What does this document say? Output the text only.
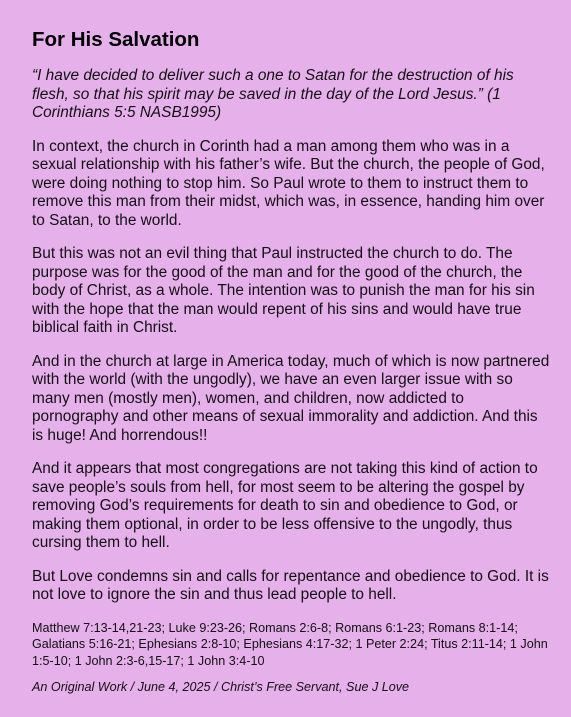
For His Salvation

“I have decided to deliver such a one to Satan for the destruction of his flesh, so that his spirit may be saved in the day of the Lord Jesus.” (1 Corinthians 5:5 NASB1995)

In context, the church in Corinth had a man among them who was in a sexual relationship with his father’s wife. But the church, the people of God, were doing nothing to stop him. So Paul wrote to them to instruct them to remove this man from their midst, which was, in essence, handing him over to Satan, to the world.

But this was not an evil thing that Paul instructed the church to do. The purpose was for the good of the man and for the good of the church, the body of Christ, as a whole. The intention was to punish the man for his sin with the hope that the man would repent of his sins and would have true biblical faith in Christ.

And in the church at large in America today, much of which is now partnered with the world (with the ungodly), we have an even larger issue with so many men (mostly men), women, and children, now addicted to pornography and other means of sexual immorality and addiction. And this is huge! And horrendous!!

And it appears that most congregations are not taking this kind of action to save people’s souls from hell, for most seem to be altering the gospel by removing God’s requirements for death to sin and obedience to God, or making them optional, in order to be less offensive to the ungodly, thus cursing them to hell.

But Love condemns sin and calls for repentance and obedience to God. It is not love to ignore the sin and thus lead people to hell.

Matthew 7:13-14,21-23; Luke 9:23-26; Romans 2:6-8; Romans 6:1-23; Romans 8:1-14; Galatians 5:16-21; Ephesians 2:8-10; Ephesians 4:17-32; 1 Peter 2:24; Titus 2:11-14; 1 John 1:5-10; 1 John 2:3-6,15-17; 1 John 3:4-10

An Original Work / June 4, 2025 / Christ’s Free Servant, Sue J Love
